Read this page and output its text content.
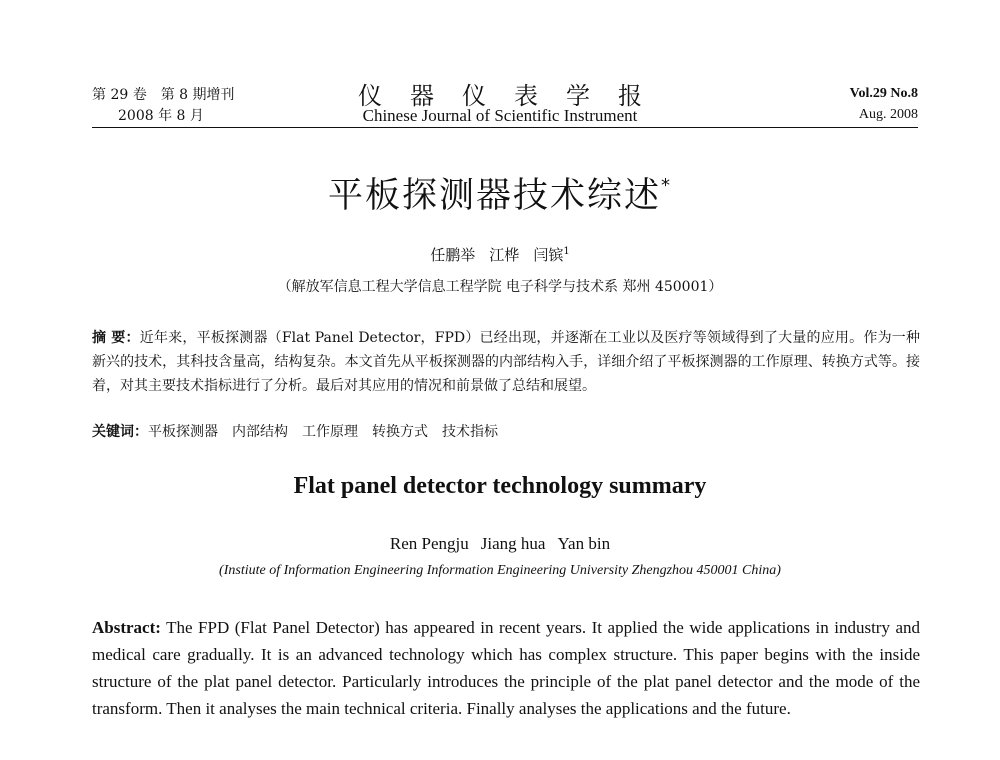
第 29 卷　第 8 期增刊
2008 年 8 月
仪器仪表学报
Chinese Journal of Scientific Instrument
Vol.29 No.8
Aug. 2008
平板探测器技术综述*
任鹏举 江桦 闫镔$^1$
（解放军信息工程大学信息工程学院 电子科学与技术系 郑州 450001）
摘 要：近年来，平板探测器（Flat Panel Detector，FPD）已经出现，并逐渐在工业以及医疗等领域得到了大量的应用。作为一种新兴的技术，其科技含量高，结构复杂。本文首先从平板探测器的内部结构入手，详细介绍了平板探测器的工作原理、转换方式等。接着，对其主要技术指标进行了分析。最后对其应用的情况和前景做了总结和展望。
关键词：平板探测器 内部结构 工作原理 转换方式 技术指标
Flat panel detector technology summary
Ren Pengju Jiang hua Yan bin
(Instiute of Information Engineering Information Engineering University Zhengzhou 450001 China)
Abstract: The FPD (Flat Panel Detector) has appeared in recent years. It applied the wide applications in industry and medical care gradually. It is an advanced technology which has complex structure. This paper begins with the inside structure of the plat panel detector. Particularly introduces the principle of the plat panel detector and the mode of the transform. Then it analyses the main technical criteria. Finally analyses the applications and the future.
